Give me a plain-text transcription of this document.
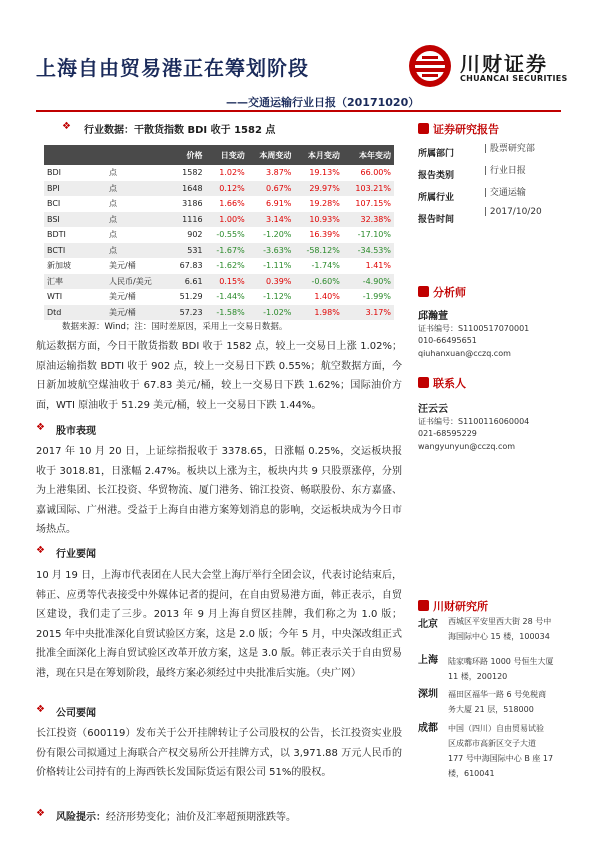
上海自由贸易港正在筹划阶段
——交通运输行业日报（20171020）
川财证券
CHUANCAI SECURITIES
❖ 行业数据：干散货指数 BDI 收于 1582 点
		价格	日变动	本周变动	本月变动	本年变动
BDI	点	1582	1.02%	3.87%	19.13%	66.00%
BPI	点	1648	0.12%	0.67%	29.97%	103.21%
BCI	点	3186	1.66%	6.91%	19.28%	107.15%
BSI	点	1116	1.00%	3.14%	10.93%	32.38%
BDTI	点	902	-0.55%	-1.20%	16.39%	-17.10%
BCTI	点	531	-1.67%	-3.63%	-58.12%	-34.53%
新加坡	美元/桶	67.83	-1.62%	-1.11%	-1.74%	1.41%
汇率	人民币/美元	6.61	0.15%	0.39%	-0.60%	-4.90%
WTI	美元/桶	51.29	-1.44%	-1.12%	1.40%	-1.99%
Dtd	美元/桶	57.23	-1.58%	-1.02%	1.98%	3.17%
数据来源：Wind；注：国时差原因，采用上一交易日数据。
航运数据方面，今日干散货指数 BDI 收于 1582 点，较上一交易日上涨 1.02%；原油运输指数 BDTI 收于 902 点，较上一交易日下跌 0.55%；航空数据方面，今日新加坡航空煤油收于 67.83 美元/桶，较上一交易日下跌 1.62%；国际油价方面，WTI 原油收于 51.29 美元/桶，较上一交易日下跌 1.44%。
❖ 股市表现
2017 年 10 月 20 日，上证综指报收于 3378.65，日涨幅 0.25%，交运板块报收于 3018.81，日涨幅 2.47%。板块以上涨为主，板块内共 9 只股票涨停，分别为上港集团、长江投资、华贸物流、厦门港务、锦江投资、畅联股份、东方嘉盛、嘉诚国际、广州港。受益于上海自由港方案筹划消息的影响，交运板块成为今日市场热点。
❖ 行业要闻
10 月 19 日，上海市代表团在人民大会堂上海厅举行全团会议，代表讨论结束后，韩正、应勇等代表接受中外媒体记者的提问，在自由贸易港方面，韩正表示，自贸区建设，我们走了三步。2013 年 9 月上海自贸区挂牌，我们称之为 1.0 版；2015 年中央批准深化自贸试验区方案，这是 2.0 版；今年 5 月，中央深改组正式批准全面深化上海自贸试验区改革开放方案，这是 3.0 版。韩正表示关于自由贸易港，现在只是在筹划阶段，最终方案必须经过中央批准后实施。（央广网）
❖ 公司要闻
长江投资（600119）发布关于公开挂牌转让子公司股权的公告，长江投资实业股份有限公司拟通过上海联合产权交易所公开挂牌方式，以 3,971.88 万元人民币的价格转让公司持有的上海西铁长发国际货运有限公司 51%的股权。
❖ 风险提示：经济形势变化；油价及汇率超预期涨跌等。
证券研究报告
所属部门	| 股票研究部
报告类别	| 行业日报
所属行业	| 交通运输
报告时间
| 2017/10/20
分析师
邱瀚萱
证书编号：S1100517070001
010-66495651
qiuhanxuan@cczq.com
联系人
汪云云
证书编号：S1100116060004
021-68595229
wangyunyun@cczq.com
川财研究所
北京 西城区平安里西大街 28 号中
海国际中心 15 楼，100034
上海 陆家嘴环路 1000 号恒生大厦
11 楼，200120
深圳 福田区福华一路 6 号免税商
务大厦 21 层，518000
成都 中国（四川）自由贸易试验
区成都市高新区交子大道
177 号中海国际中心 B 座 17
楼，610041
